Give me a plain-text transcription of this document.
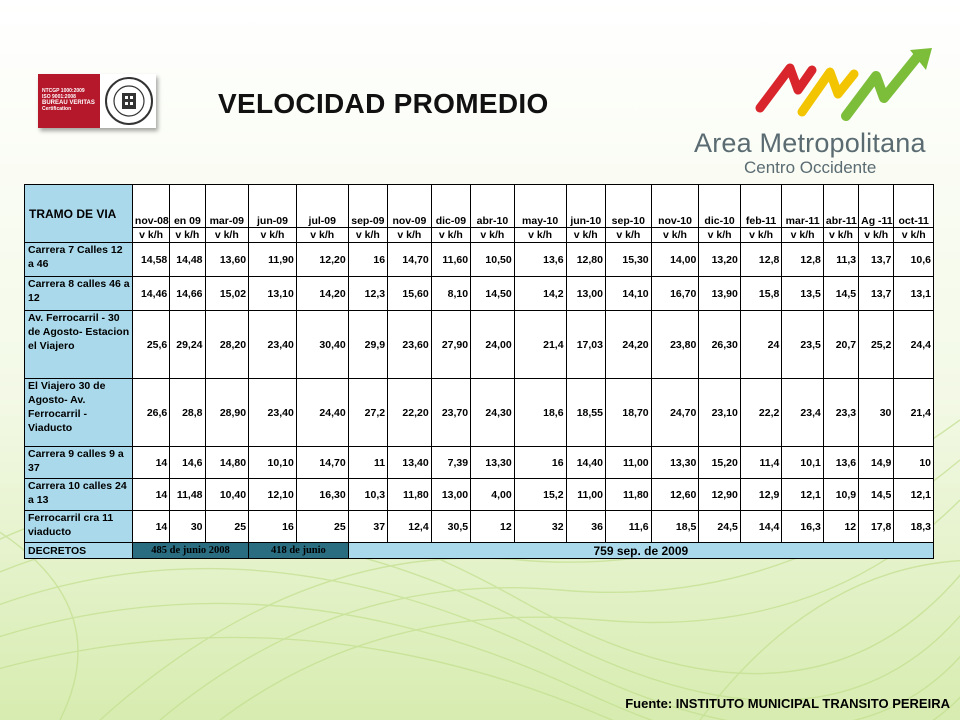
NTCGP 1000:2009
ISO 9001:2008
BUREAU VERITAS
Certification	VELOCIDAD PROMEDIO
Area Metropolitana
Centro Occidente
TRAMO DE VIA	nov-08	en 09	mar-09	jun-09	jul-09	sep-09	nov-09	dic-09	abr-10	may-10	jun-10	sep-10	nov-10	dic-10	feb-11	mar-11	abr-11	Ag -11	oct-11
	v k/h	v k/h	v k/h	v k/h	v k/h	v k/h	v k/h	v k/h	v k/h	v k/h	v k/h	v k/h	v k/h	v k/h	v k/h	v k/h	v k/h	v k/h	v k/h
Carrera 7 Calles 12 a 46	14,58	14,48	13,60	11,90	12,20	16	14,70	11,60	10,50	13,6	12,80	15,30	14,00	13,20	12,8	12,8	11,3	13,7	10,6
Carrera 8 calles 46 a 12	14,46	14,66	15,02	13,10	14,20	12,3	15,60	8,10	14,50	14,2	13,00	14,10	16,70	13,90	15,8	13,5	14,5	13,7	13,1
Av. Ferrocarril - 30 de Agosto- Estacion el Viajero	25,6	29,24	28,20	23,40	30,40	29,9	23,60	27,90	24,00	21,4	17,03	24,20	23,80	26,30	24	23,5	20,7	25,2	24,4
El Viajero 30 de Agosto- Av. Ferrocarril - Viaducto	26,6	28,8	28,90	23,40	24,40	27,2	22,20	23,70	24,30	18,6	18,55	18,70	24,70	23,10	22,2	23,4	23,3	30	21,4
Carrera 9 calles 9 a 37	14	14,6	14,80	10,10	14,70	11	13,40	7,39	13,30	16	14,40	11,00	13,30	15,20	11,4	10,1	13,6	14,9	10
Carrera 10 calles 24 a 13	14	11,48	10,40	12,10	16,30	10,3	11,80	13,00	4,00	15,2	11,00	11,80	12,60	12,90	12,9	12,1	10,9	14,5	12,1
Ferrocarril cra 11 viaducto	14	30	25	16	25	37	12,4	30,5	12	32	36	11,6	18,5	24,5	14,4	16,3	12	17,8	18,3
DECRETOS	485 de junio 2008			418 de junio		759 sep. de 2009													
Fuente: INSTITUTO MUNICIPAL TRANSITO PEREIRA
